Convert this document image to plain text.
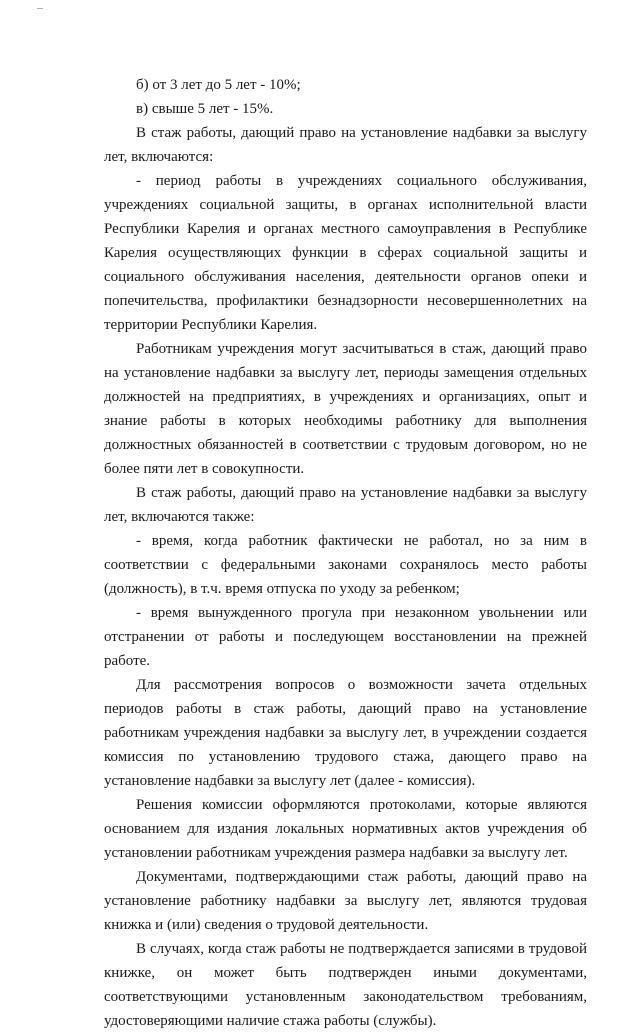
б) от 3 лет до 5 лет - 10%;

в) свыше 5 лет - 15%.

В стаж работы, дающий право на установление надбавки за выслугу лет, включаются:

- период работы в учреждениях социального обслуживания, учреждениях социальной защиты, в органах исполнительной власти Республики Карелия и органах местного самоуправления в Республике Карелия осуществляющих функции в сферах социальной защиты и социального обслуживания населения, деятельности органов опеки и попечительства, профилактики безнадзорности несовершеннолетних на территории Республики Карелия.

Работникам учреждения могут засчитываться в стаж, дающий право на установление надбавки за выслугу лет, периоды замещения отдельных должностей на предприятиях, в учреждениях и организациях, опыт и знание работы в которых необходимы работнику для выполнения должностных обязанностей в соответствии с трудовым договором, но не более пяти лет в совокупности.

В стаж работы, дающий право на установление надбавки за выслугу лет, включаются также:

- время, когда работник фактически не работал, но за ним в соответствии с федеральными законами сохранялось место работы (должность), в т.ч. время отпуска по уходу за ребенком;

- время вынужденного прогула при незаконном увольнении или отстранении от работы и последующем восстановлении на прежней работе.

Для рассмотрения вопросов о возможности зачета отдельных периодов работы в стаж работы, дающий право на установление работникам учреждения надбавки за выслугу лет, в учреждении создается комиссия по установлению трудового стажа, дающего право на установление надбавки за выслугу лет (далее - комиссия).

Решения комиссии оформляются протоколами, которые являются основанием для издания локальных нормативных актов учреждения об установлении работникам учреждения размера надбавки за выслугу лет.

Документами, подтверждающими стаж работы, дающий право на установление работнику надбавки за выслугу лет, являются трудовая книжка и (или) сведения о трудовой деятельности.

В случаях, когда стаж работы не подтверждается записями в трудовой книжке, он может быть подтвержден иными документами, соответствующими установленным законодательством требованиям, удостоверяющими наличие стажа работы (службы).
